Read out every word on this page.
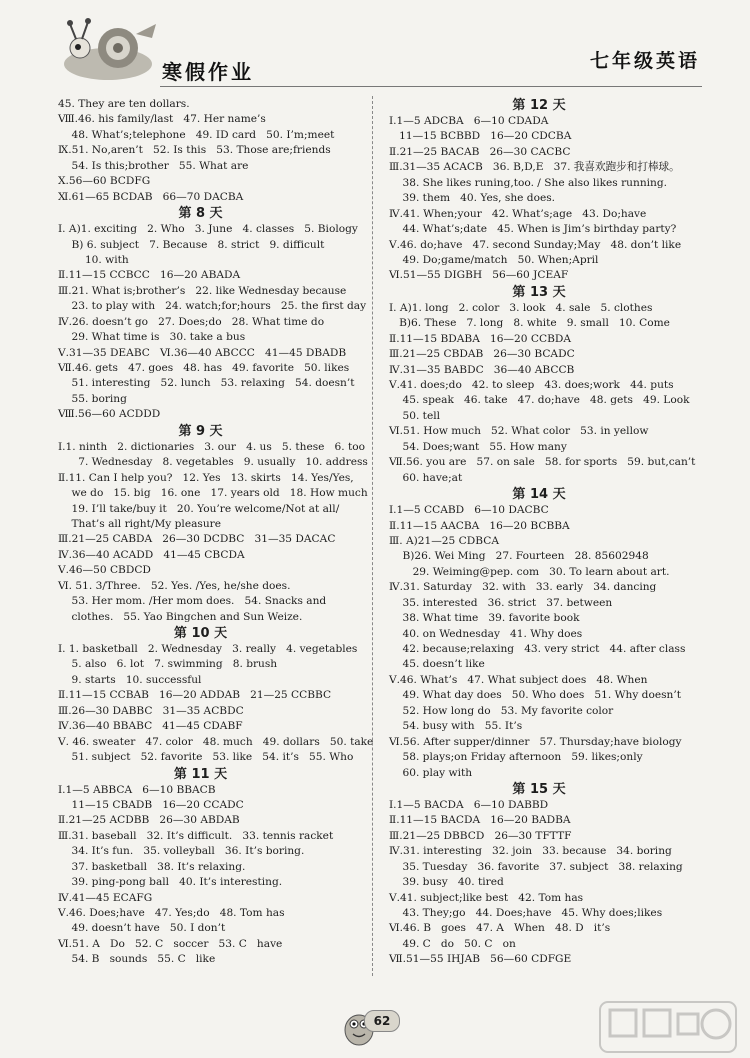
寒假作业	七年级英语
45. They are ten dollars.
Ⅷ.46. his family/last   47. Her name’s
48. What’s;telephone   49. ID card   50. I’m;meet
Ⅸ.51. No,aren’t   52. Is this   53. Those are;friends
54. Is this;brother   55. What are
Ⅹ.56—60 BCDFG
Ⅺ.61—65 BCDAB   66—70 DACBA
第 8 天
Ⅰ. A)1. exciting   2. Who   3. June   4. classes   5. Biology
B) 6. subject   7. Because   8. strict   9. difficult
10. with
Ⅱ.11—15 CCBCC   16—20 ABADA
Ⅲ.21. What is;brother’s   22. like Wednesday because
23. to play with   24. watch;for;hours   25. the first day
Ⅳ.26. doesn’t go   27. Does;do   28. What time do
29. What time is   30. take a bus
Ⅴ.31—35 DEABC   Ⅵ.36—40 ABCCC   41—45 DBADB
Ⅶ.46. gets   47. goes   48. has   49. favorite   50. likes
51. interesting   52. lunch   53. relaxing   54. doesn’t
55. boring
Ⅷ.56—60 ACDDD
第 9 天
Ⅰ.1. ninth   2. dictionaries   3. our   4. us   5. these   6. too
7. Wednesday   8. vegetables   9. usually   10. address
Ⅱ.11. Can I help you?   12. Yes   13. skirts   14. Yes/Yes,
we do   15. big   16. one   17. years old   18. How much
19. I’ll take/buy it   20. You’re welcome/Not at all/
That’s all right/My pleasure
Ⅲ.21—25 CABDA   26—30 DCDBC   31—35 DACAC
Ⅳ.36—40 ACADD   41—45 CBCDA
Ⅴ.46—50 CBDCD
Ⅵ. 51. 3/Three.   52. Yes. /Yes, he/she does.
53. Her mom. /Her mom does.   54. Snacks and
clothes.   55. Yao Bingchen and Sun Weize.
第 10 天
Ⅰ. 1. basketball   2. Wednesday   3. really   4. vegetables
5. also   6. lot   7. swimming   8. brush
9. starts   10. successful
Ⅱ.11—15 CCBAB   16—20 ADDAB   21—25 CCBBC
Ⅲ.26—30 DABBC   31—35 ACBDC
Ⅳ.36—40 BBABC   41—45 CDABF
Ⅴ. 46. sweater   47. color   48. much   49. dollars   50. take
51. subject   52. favorite   53. like   54. it’s   55. Who
第 11 天
Ⅰ.1—5 ABBCA   6—10 BBACB
11—15 CBADB   16—20 CCADC
Ⅱ.21—25 ACDBB   26—30 ABDAB
Ⅲ.31. baseball   32. It’s difficult.   33. tennis racket
34. It’s fun.   35. volleyball   36. It’s boring.
37. basketball   38. It’s relaxing.
39. ping-pong ball   40. It’s interesting.
Ⅳ.41—45 ECAFG
Ⅴ.46. Does;have   47. Yes;do   48. Tom has
49. doesn’t have   50. I don’t
Ⅵ.51. A   Do   52. C   soccer   53. C   have
54. B   sounds   55. C   like
第 12 天
Ⅰ.1—5 ADCBA   6—10 CDADA
11—15 BCBBD   16—20 CDCBA
Ⅱ.21—25 BACAB   26—30 CACBC
Ⅲ.31—35 ACACB   36. B,D,E   37. 我喜欢跑步和打棒球。
38. She likes runing,too. / She also likes running.
39. them   40. Yes, she does.
Ⅳ.41. When;your   42. What’s;age   43. Do;have
44. What’s;date   45. When is Jim’s birthday party?
Ⅴ.46. do;have   47. second Sunday;May   48. don’t like
49. Do;game/match   50. When;April
Ⅵ.51—55 DIGBH   56—60 JCEAF
第 13 天
Ⅰ. A)1. long   2. color   3. look   4. sale   5. clothes
B)6. These   7. long   8. white   9. small   10. Come
Ⅱ.11—15 BDABA   16—20 CCBDA
Ⅲ.21—25 CBDAB   26—30 BCADC
Ⅳ.31—35 BABDC   36—40 ABCCB
Ⅴ.41. does;do   42. to sleep   43. does;work   44. puts
45. speak   46. take   47. do;have   48. gets   49. Look
50. tell
Ⅵ.51. How much   52. What color   53. in yellow
54. Does;want   55. How many
Ⅶ.56. you are   57. on sale   58. for sports   59. but,can’t
60. have;at
第 14 天
Ⅰ.1—5 CCABD   6—10 DACBC
Ⅱ.11—15 AACBA   16—20 BCBBA
Ⅲ. A)21—25 CDBCA
B)26. Wei Ming   27. Fourteen   28. 85602948
29. Weiming@pep. com   30. To learn about art.
Ⅳ.31. Saturday   32. with   33. early   34. dancing
35. interested   36. strict   37. between
38. What time   39. favorite book
40. on Wednesday   41. Why does
42. because;relaxing   43. very strict   44. after class
45. doesn’t like
Ⅴ.46. What’s   47. What subject does   48. When
49. What day does   50. Who does   51. Why doesn’t
52. How long do   53. My favorite color
54. busy with   55. It’s
Ⅵ.56. After supper/dinner   57. Thursday;have biology
58. plays;on Friday afternoon   59. likes;only
60. play with
第 15 天
Ⅰ.1—5 BACDA   6—10 DABBD
Ⅱ.11—15 BACDA   16—20 BADBA
Ⅲ.21—25 DBBCD   26—30 TFTTF
Ⅳ.31. interesting   32. join   33. because   34. boring
35. Tuesday   36. favorite   37. subject   38. relaxing
39. busy   40. tired
Ⅴ.41. subject;like best   42. Tom has
43. They;go   44. Does;have   45. Why does;likes
Ⅵ.46. B   goes   47. A   When   48. D   it’s
49. C   do   50. C   on
Ⅶ.51—55 IHJAB   56—60 CDFGE
62
